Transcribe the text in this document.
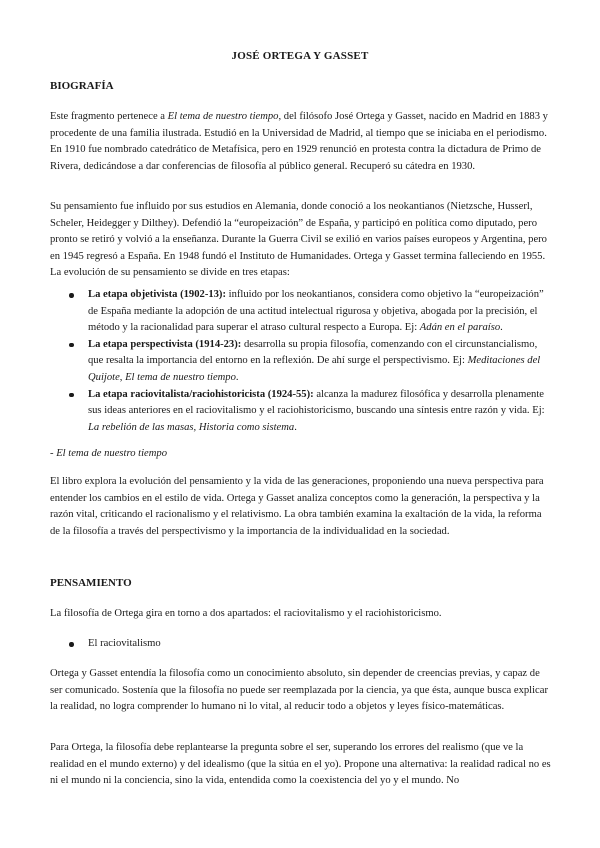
JOSÉ ORTEGA Y GASSET
BIOGRAFÍA

Este fragmento pertenece a El tema de nuestro tiempo, del filósofo José Ortega y Gasset, nacido en Madrid en 1883 y procedente de una familia ilustrada. Estudió en la Universidad de Madrid, al tiempo que se iniciaba en el periodismo. En 1910 fue nombrado catedrático de Metafísica, pero en 1929 renunció en protesta contra la dictadura de Primo de Rivera, dedicándose a dar conferencias de filosofía al público general. Recuperó su cátedra en 1930.

Su pensamiento fue influido por sus estudios en Alemania, donde conoció a los neokantianos (Nietzsche, Husserl, Scheler, Heidegger y Dilthey). Defendió la “europeización” de España, y participó en política como diputado, pero pronto se retiró y volvió a la enseñanza. Durante la Guerra Civil se exilió en varios países europeos y Argentina, pero en 1945 regresó a España. En 1948 fundó el Instituto de Humanidades. Ortega y Gasset termina falleciendo en 1955. La evolución de su pensamiento se divide en tres etapas:

La etapa objetivista (1902-13): influido por los neokantianos, considera como objetivo la “europeización” de España mediante la adopción de una actitud intelectual rigurosa y objetiva, abogada por la precisión, el método y la racionalidad para superar el atraso cultural respecto a Europa. Ej: Adán en el paraíso.
La etapa perspectivista (1914-23): desarrolla su propia filosofía, comenzando con el circunstancialismo, que resalta la importancia del entorno en la reflexión. De ahí surge el perspectivismo. Ej: Meditaciones del Quijote, El tema de nuestro tiempo.
La etapa raciovitalista/raciohistoricista (1924-55): alcanza la madurez filosófica y desarrolla plenamente sus ideas anteriores en el raciovitalismo y el raciohistoricismo, buscando una síntesis entre razón y vida. Ej: La rebelión de las masas, Historia como sistema.

- El tema de nuestro tiempo

El libro explora la evolución del pensamiento y la vida de las generaciones, proponiendo una nueva perspectiva para entender los cambios en el estilo de vida. Ortega y Gasset analiza conceptos como la generación, la perspectiva y la razón vital, criticando el racionalismo y el relativismo. La obra también examina la exaltación de la vida, la reforma de la filosofía a través del perspectivismo y la importancia de la individualidad en la sociedad.

PENSAMIENTO

La filosofía de Ortega gira en torno a dos apartados: el raciovitalismo y el raciohistoricismo.

El raciovitalismo

Ortega y Gasset entendía la filosofía como un conocimiento absoluto, sin depender de creencias previas, y capaz de ser comunicado. Sostenía que la filosofía no puede ser reemplazada por la ciencia, ya que ésta, aunque busca explicar la realidad, no logra comprender lo humano ni lo vital, al reducir todo a objetos y leyes físico-matemáticas.

Para Ortega, la filosofía debe replantearse la pregunta sobre el ser, superando los errores del realismo (que ve la realidad en el mundo externo) y del idealismo (que la sitúa en el yo). Propone una alternativa: la realidad radical no es ni el mundo ni la conciencia, sino la vida, entendida como la coexistencia del yo y el mundo. No
